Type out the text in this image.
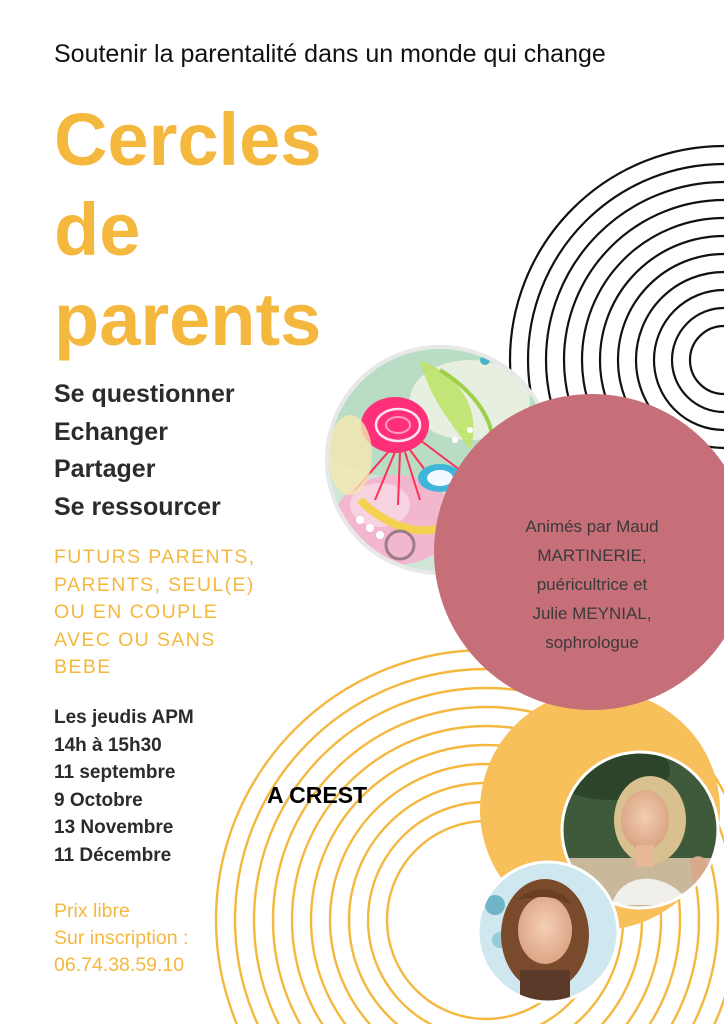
Soutenir la parentalité dans un monde qui change

Cercles
de
parents
Se questionner
Echanger
Partager
Se ressourcer
FUTURS PARENTS,
PARENTS, SEUL(E)
OU EN COUPLE
AVEC OU SANS
BEBE
Les jeudis APM
14h à 15h30
11 septembre
9 Octobre
13 Novembre
11 Décembre
A CREST
Prix libre
Sur inscription :
06.74.38.59.10
Animés par Maud
MARTINERIE,
puéricultrice et
Julie MEYNIAL,
sophrologue
